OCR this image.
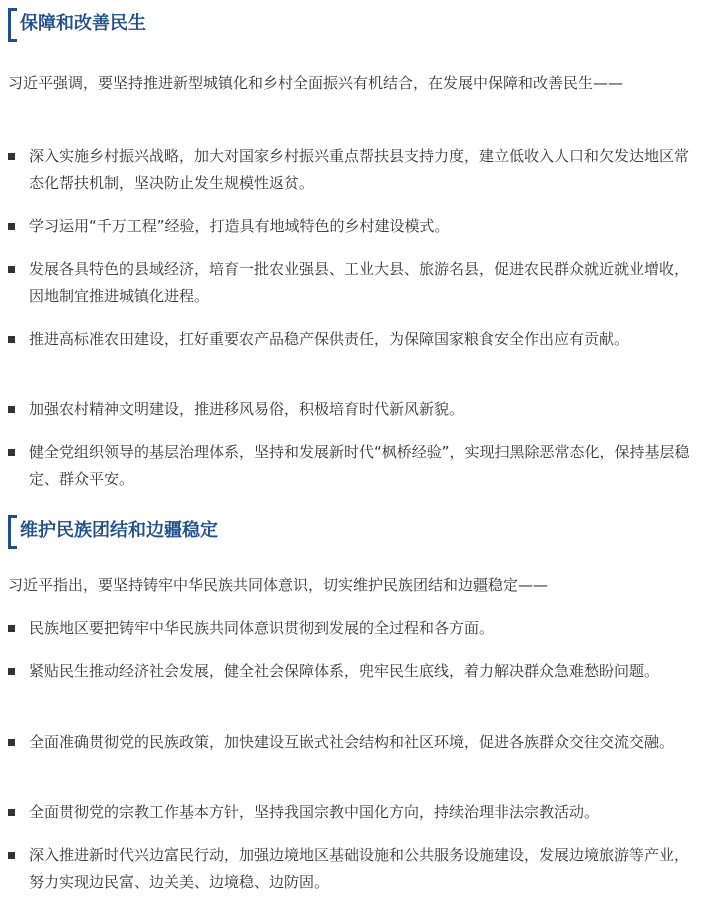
保障和改善民生
习近平强调，要坚持推进新型城镇化和乡村全面振兴有机结合，在发展中保障和改善民生——
深入实施乡村振兴战略，加大对国家乡村振兴重点帮扶县支持力度，建立低收入人口和欠发达地区常态化帮扶机制，坚决防止发生规模性返贫。
学习运用“千万工程”经验，打造具有地域特色的乡村建设模式。
发展各具特色的县域经济，培育一批农业强县、工业大县、旅游名县，促进农民群众就近就业增收，因地制宜推进城镇化进程。
推进高标准农田建设，扛好重要农产品稳产保供责任，为保障国家粮食安全作出应有贡献。
加强农村精神文明建设，推进移风易俗，积极培育时代新风新貌。
健全党组织领导的基层治理体系，坚持和发展新时代“枫桥经验”，实现扫黑除恶常态化，保持基层稳定、群众平安。
维护民族团结和边疆稳定
习近平指出，要坚持铸牢中华民族共同体意识，切实维护民族团结和边疆稳定——
民族地区要把铸牢中华民族共同体意识贯彻到发展的全过程和各方面。
紧贴民生推动经济社会发展，健全社会保障体系，兜牢民生底线，着力解决群众急难愁盼问题。
全面准确贯彻党的民族政策，加快建设互嵌式社会结构和社区环境，促进各族群众交往交流交融。
全面贯彻党的宗教工作基本方针，坚持我国宗教中国化方向，持续治理非法宗教活动。
深入推进新时代兴边富民行动，加强边境地区基础设施和公共服务设施建设，发展边境旅游等产业，努力实现边民富、边关美、边境稳、边防固。
